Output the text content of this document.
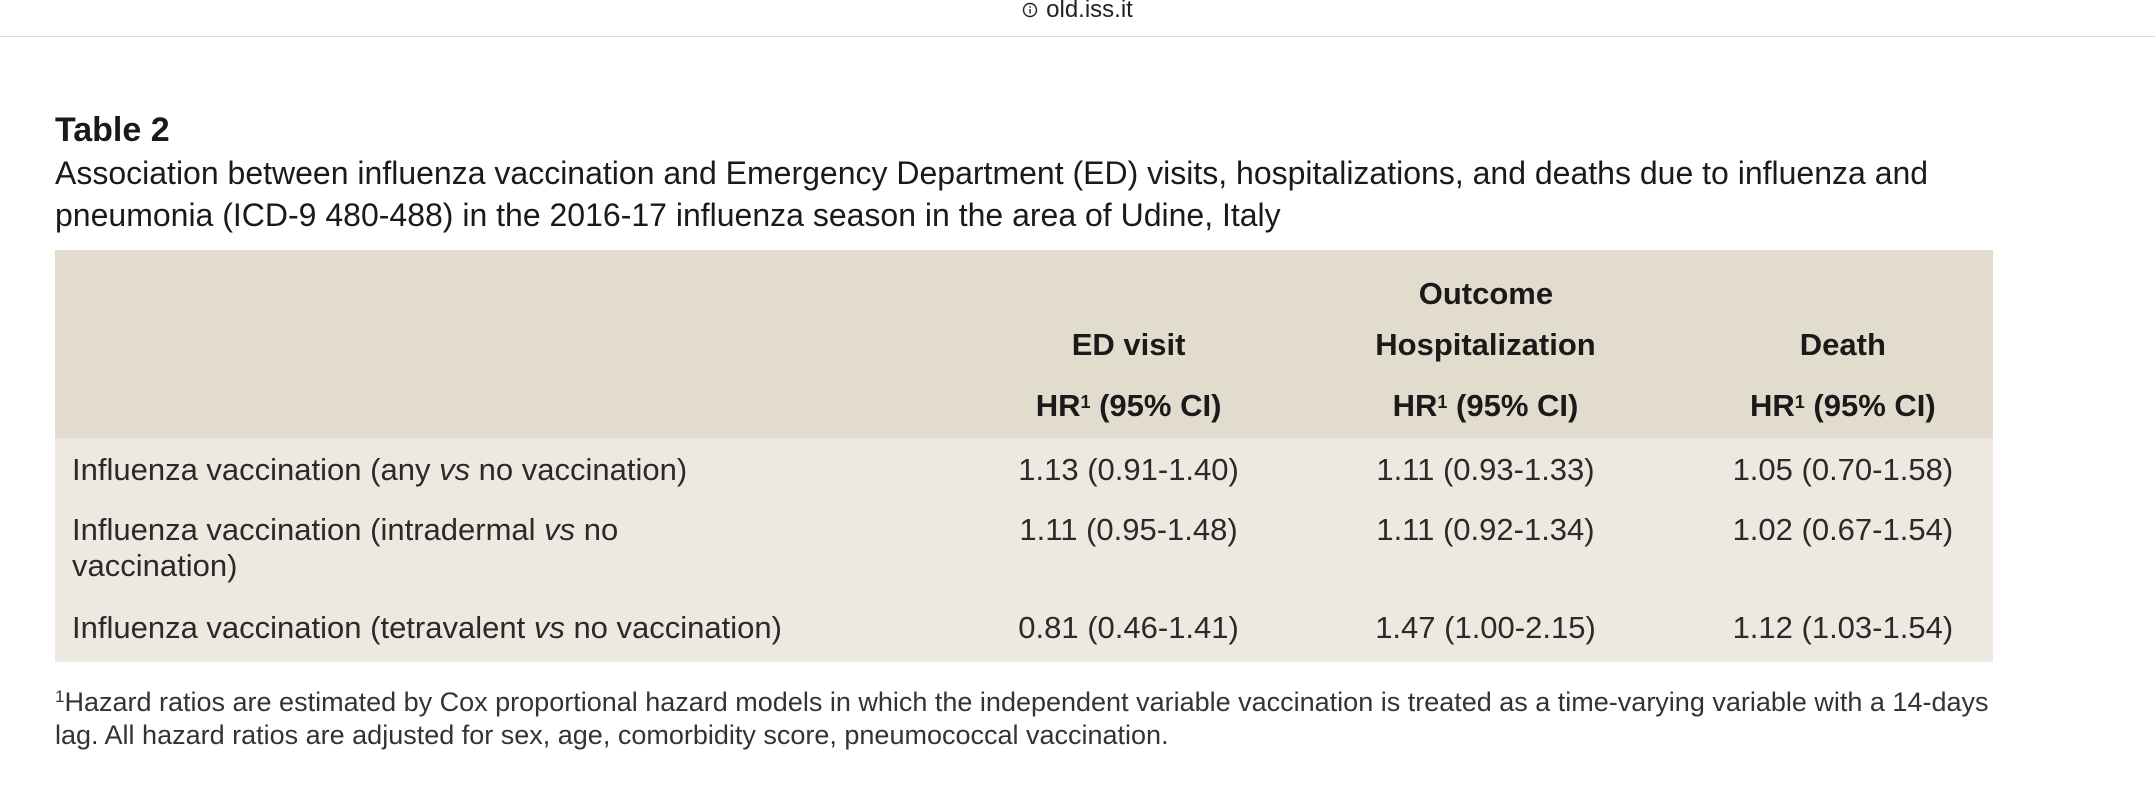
old.iss.it
Table 2
Association between influenza vaccination and Emergency Department (ED) visits, hospitalizations, and deaths due to influenza and pneumonia (ICD-9 480-488) in the 2016-17 influenza season in the area of Udine, Italy
	Outcome		
	ED visit	Hospitalization	Death
	$HR^1$ (95% CI)	$HR^1$ (95% CI)	$HR^1$ (95% CI)
Influenza vaccination (any vs no vaccination)	1.13 (0.91-1.40)	1.11 (0.93-1.33)	1.05 (0.70-1.58)
Influenza vaccination (intradermal vs no vaccination)	1.11 (0.95-1.48)	1.11 (0.92-1.34)	1.02 (0.67-1.54)
Influenza vaccination (tetravalent vs no vaccination)	0.81 (0.46-1.41)	1.47 (1.00-2.15)	1.12 (1.03-1.54)
$^1$Hazard ratios are estimated by Cox proportional hazard models in which the independent variable vaccination is treated as a time-varying variable with a 14-days lag. All hazard ratios are adjusted for sex, age, comorbidity score, pneumococcal vaccination.
